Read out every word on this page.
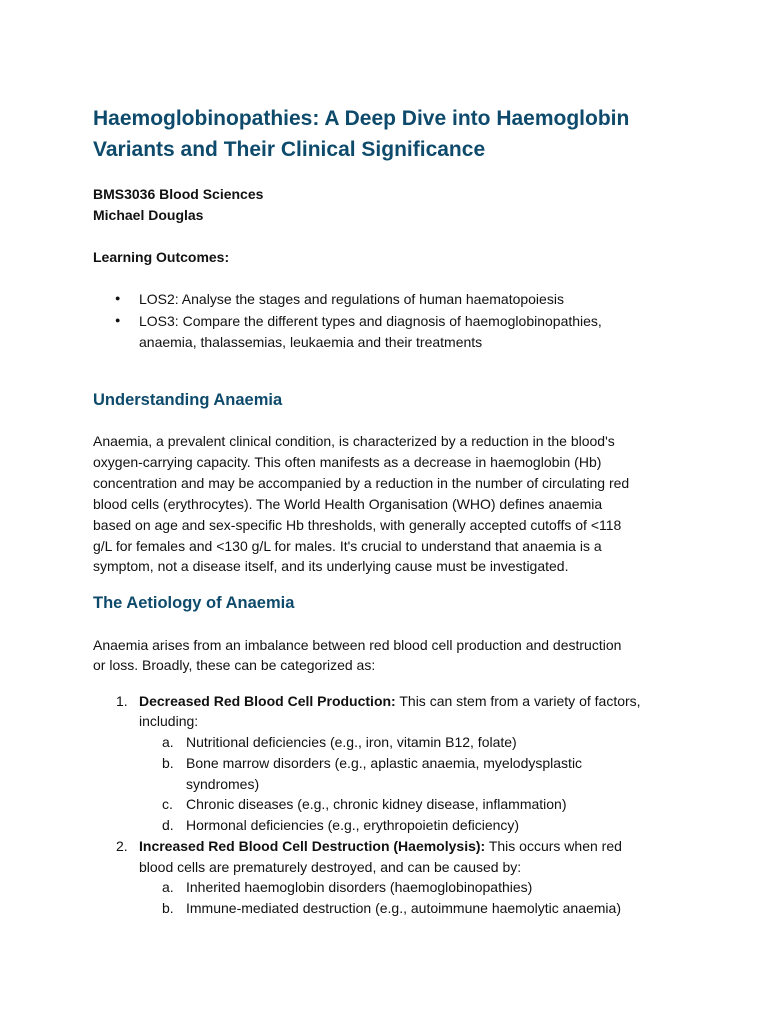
Haemoglobinopathies: A Deep Dive into Haemoglobin
Variants and Their Clinical Significance
BMS3036 Blood Sciences
Michael Douglas
Learning Outcomes:
● LOS2: Analyse the stages and regulations of human haematopoiesis
● LOS3: Compare the different types and diagnosis of haemoglobinopathies,
anaemia, thalassemias, leukaemia and their treatments
Understanding Anaemia
Anaemia, a prevalent clinical condition, is characterized by a reduction in the blood's
oxygen-carrying capacity. This often manifests as a decrease in haemoglobin (Hb)
concentration and may be accompanied by a reduction in the number of circulating red
blood cells (erythrocytes). The World Health Organisation (WHO) defines anaemia
based on age and sex-specific Hb thresholds, with generally accepted cutoffs of <118
g/L for females and <130 g/L for males. It's crucial to understand that anaemia is a
symptom, not a disease itself, and its underlying cause must be investigated.
The Aetiology of Anaemia
Anaemia arises from an imbalance between red blood cell production and destruction
or loss. Broadly, these can be categorized as:
1. Decreased Red Blood Cell Production: This can stem from a variety of factors,
including:
a. Nutritional deficiencies (e.g., iron, vitamin B12, folate)
b. Bone marrow disorders (e.g., aplastic anaemia, myelodysplastic
syndromes)
c. Chronic diseases (e.g., chronic kidney disease, inflammation)
d. Hormonal deficiencies (e.g., erythropoietin deficiency)
2. Increased Red Blood Cell Destruction (Haemolysis): This occurs when red
blood cells are prematurely destroyed, and can be caused by:
a. Inherited haemoglobin disorders (haemoglobinopathies)
b. Immune-mediated destruction (e.g., autoimmune haemolytic anaemia)
